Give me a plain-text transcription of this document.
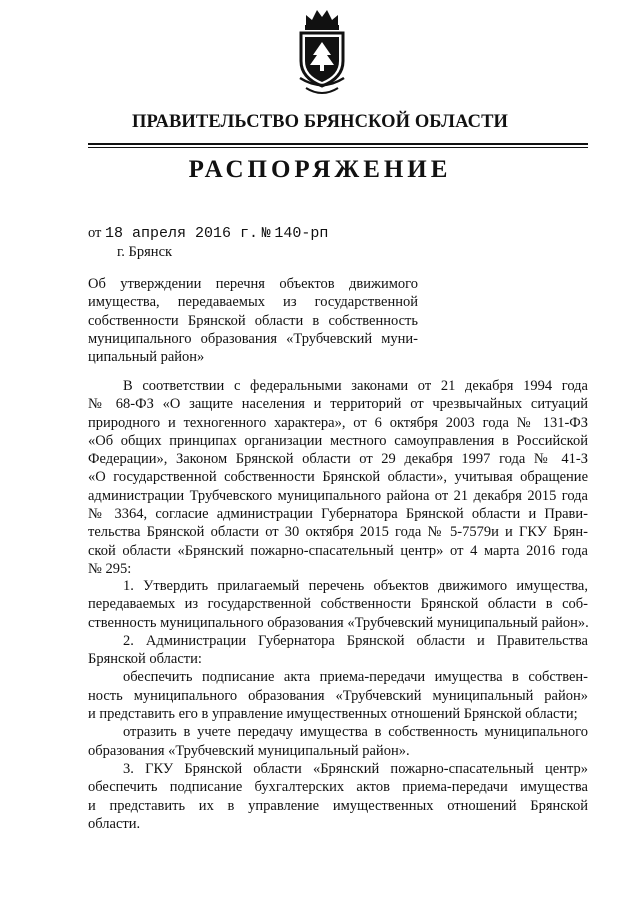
ПРАВИТЕЛЬСТВО БРЯНСКОЙ ОБЛАСТИ
РАСПОРЯЖЕНИЕ
от 18 апреля 2016 г. № 140-рп
г. Брянск
Об утверждении перечня объектов движимого
имущества, передаваемых из государственной
собственности Брянской области в собственность
муниципального образования «Трубчевский муни-
ципальный район»
В соответствии с федеральными законами от 21 декабря 1994 года
№ 68-ФЗ «О защите населения и территорий от чрезвычайных ситуаций
природного и техногенного характера», от 6 октября 2003 года № 131-ФЗ
«Об общих принципах организации местного самоуправления в Российской
Федерации», Законом Брянской области от 29 декабря 1997 года № 41-З
«О государственной собственности Брянской области», учитывая обращение
администрации Трубчевского муниципального района от 21 декабря 2015 года
№ 3364, согласие администрации Губернатора Брянской области и Прави-
тельства Брянской области от 30 октября 2015 года № 5-7579и и ГКУ Брян-
ской области «Брянский пожарно-спасательный центр» от 4 марта 2016 года
№ 295:
1. Утвердить прилагаемый перечень объектов движимого имущества,
передаваемых из государственной собственности Брянской области в соб-
ственность муниципального образования «Трубчевский муниципальный район».
2. Администрации Губернатора Брянской области и Правительства
Брянской области:
обеспечить подписание акта приема-передачи имущества в собствен-
ность муниципального образования «Трубчевский муниципальный район»
и представить его в управление имущественных отношений Брянской области;
отразить в учете передачу имущества в собственность муниципального
образования «Трубчевский муниципальный район».
3. ГКУ Брянской области «Брянский пожарно-спасательный центр»
обеспечить подписание бухгалтерских актов приема-передачи имущества
и представить их в управление имущественных отношений Брянской
области.
